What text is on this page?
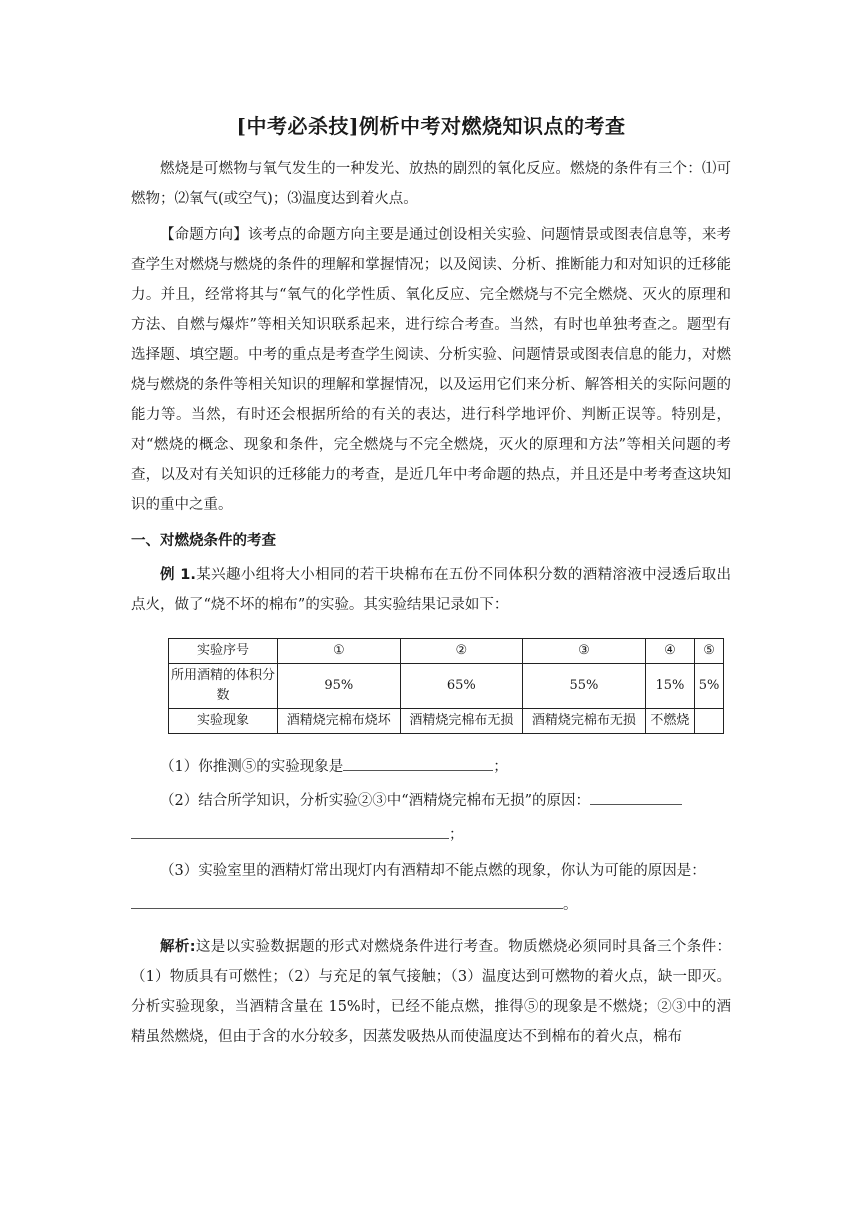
[中考必杀技]例析中考对燃烧知识点的考查

燃烧是可燃物与氧气发生的一种发光、放热的剧烈的氧化反应。燃烧的条件有三个：⑴可燃物；⑵氧气(或空气)；⑶温度达到着火点。

【命题方向】该考点的命题方向主要是通过创设相关实验、问题情景或图表信息等，来考查学生对燃烧与燃烧的条件的理解和掌握情况；以及阅读、分析、推断能力和对知识的迁移能力。并且，经常将其与“氧气的化学性质、氧化反应、完全燃烧与不完全燃烧、灭火的原理和方法、自燃与爆炸”等相关知识联系起来，进行综合考查。当然，有时也单独考查之。题型有选择题、填空题。中考的重点是考查学生阅读、分析实验、问题情景或图表信息的能力，对燃烧与燃烧的条件等相关知识的理解和掌握情况，以及运用它们来分析、解答相关的实际问题的能力等。当然，有时还会根据所给的有关的表达，进行科学地评价、判断正误等。特别是，对“燃烧的概念、现象和条件，完全燃烧与不完全燃烧，灭火的原理和方法”等相关问题的考查，以及对有关知识的迁移能力的考查，是近几年中考命题的热点，并且还是中考考查这块知识的重中之重。

一、对燃烧条件的考查

例 1.某兴趣小组将大小相同的若干块棉布在五份不同体积分数的酒精溶液中浸透后取出点火，做了“烧不坏的棉布”的实验。其实验结果记录如下：

实验序号	①	②	③	④	⑤
所用酒精的体积分数	95%	65%	55%	15%	5%
实验现象	酒精烧完棉布烧坏	酒精烧完棉布无损	酒精烧完棉布无损	不燃烧	

（1）你推测⑤的实验现象是	；

（2）结合所学知识，分析实验②③中“酒精烧完棉布无损”的原因：

；

（3）实验室里的酒精灯常出现灯内有酒精却不能点燃的现象，你认为可能的原因是：

。

解析:这是以实验数据题的形式对燃烧条件进行考查。物质燃烧必须同时具备三个条件：（1）物质具有可燃性；（2）与充足的氧气接触；（3）温度达到可燃物的着火点，缺一即灭。分析实验现象，当酒精含量在 15%时，已经不能点燃，推得⑤的现象是不燃烧；②③中的酒精虽然燃烧，但由于含的水分较多，因蒸发吸热从而使温度达不到棉布的着火点，棉布
